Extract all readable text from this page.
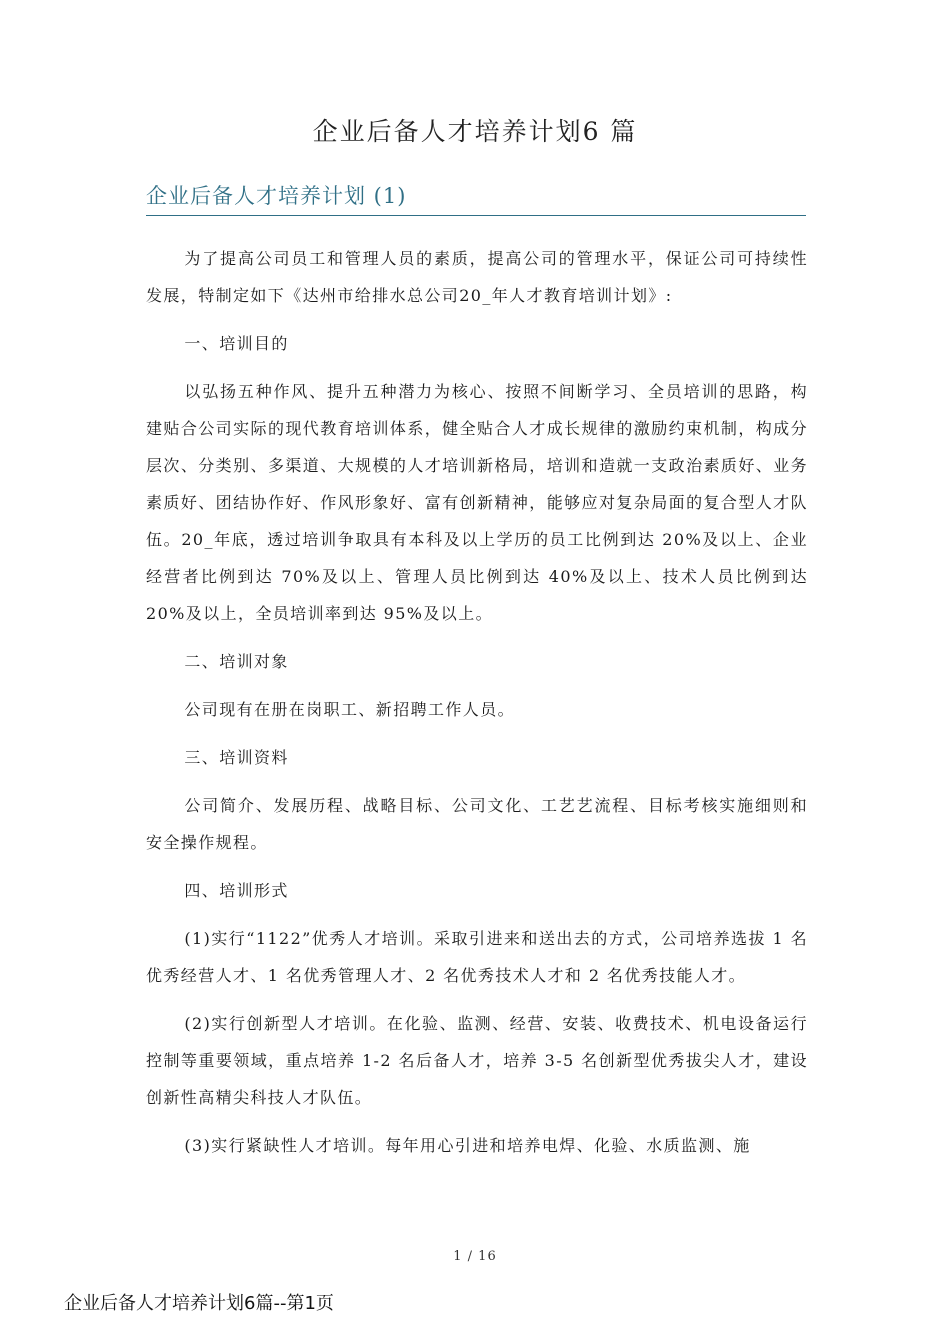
企业后备人才培养计划6 篇
企业后备人才培养计划 (1)

为了提高公司员工和管理人员的素质，提高公司的管理水平，保证公司可持续性发展，特制定如下《达州市给排水总公司20_年人才教育培训计划》:

一、培训目的

以弘扬五种作风、提升五种潜力为核心、按照不间断学习、全员培训的思路，构建贴合公司实际的现代教育培训体系，健全贴合人才成长规律的激励约束机制，构成分层次、分类别、多渠道、大规模的人才培训新格局，培训和造就一支政治素质好、业务素质好、团结协作好、作风形象好、富有创新精神，能够应对复杂局面的复合型人才队伍。20_年底，透过培训争取具有本科及以上学历的员工比例到达 20%及以上、企业经营者比例到达 70%及以上、管理人员比例到达 40%及以上、技术人员比例到达 20%及以上，全员培训率到达 95%及以上。

二、培训对象

公司现有在册在岗职工、新招聘工作人员。

三、培训资料

公司简介、发展历程、战略目标、公司文化、工艺艺流程、目标考核实施细则和安全操作规程。

四、培训形式

(1)实行“1122”优秀人才培训。采取引进来和送出去的方式，公司培养选拔 1 名优秀经营人才、1 名优秀管理人才、2 名优秀技术人才和 2 名优秀技能人才。

(2)实行创新型人才培训。在化验、监测、经营、安装、收费技术、机电设备运行控制等重要领域，重点培养 1-2 名后备人才，培养 3-5 名创新型优秀拔尖人才，建设创新性高精尖科技人才队伍。

(3)实行紧缺性人才培训。每年用心引进和培养电焊、化验、水质监测、施

1 / 16
企业后备人才培养计划6篇--第1页
